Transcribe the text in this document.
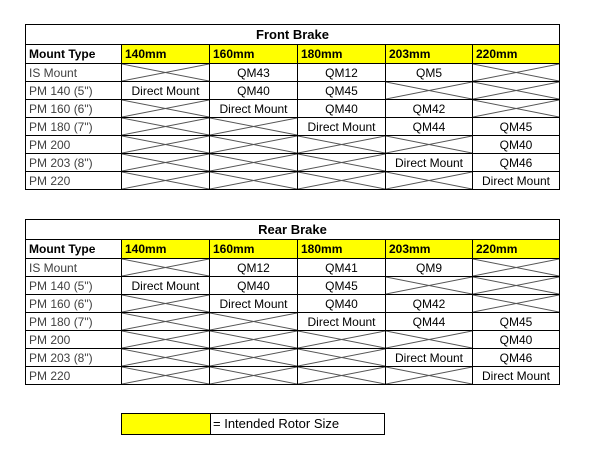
Front Brake					
Mount Type	140mm	160mm	180mm	203mm	220mm
IS Mount		QM43	QM12	QM5	

PM 140 (5")	Direct Mount	QM40	QM45	

PM 160 (6")		Direct Mount	QM40	QM42	

PM 180 (7")			Direct Mount	QM44	QM45
PM 200					QM40
PM 203 (8")				Direct Mount	QM46
PM 220					Direct Mount
Rear Brake					
Mount Type	140mm	160mm	180mm	203mm	220mm
IS Mount		QM12	QM41	QM9	

PM 140 (5")	Direct Mount	QM40	QM45	

PM 160 (6")		Direct Mount	QM40	QM42	

PM 180 (7")			Direct Mount	QM44	QM45
PM 200					QM40
PM 203 (8")				Direct Mount	QM46
PM 220					Direct Mount
= Intended Rotor Size
